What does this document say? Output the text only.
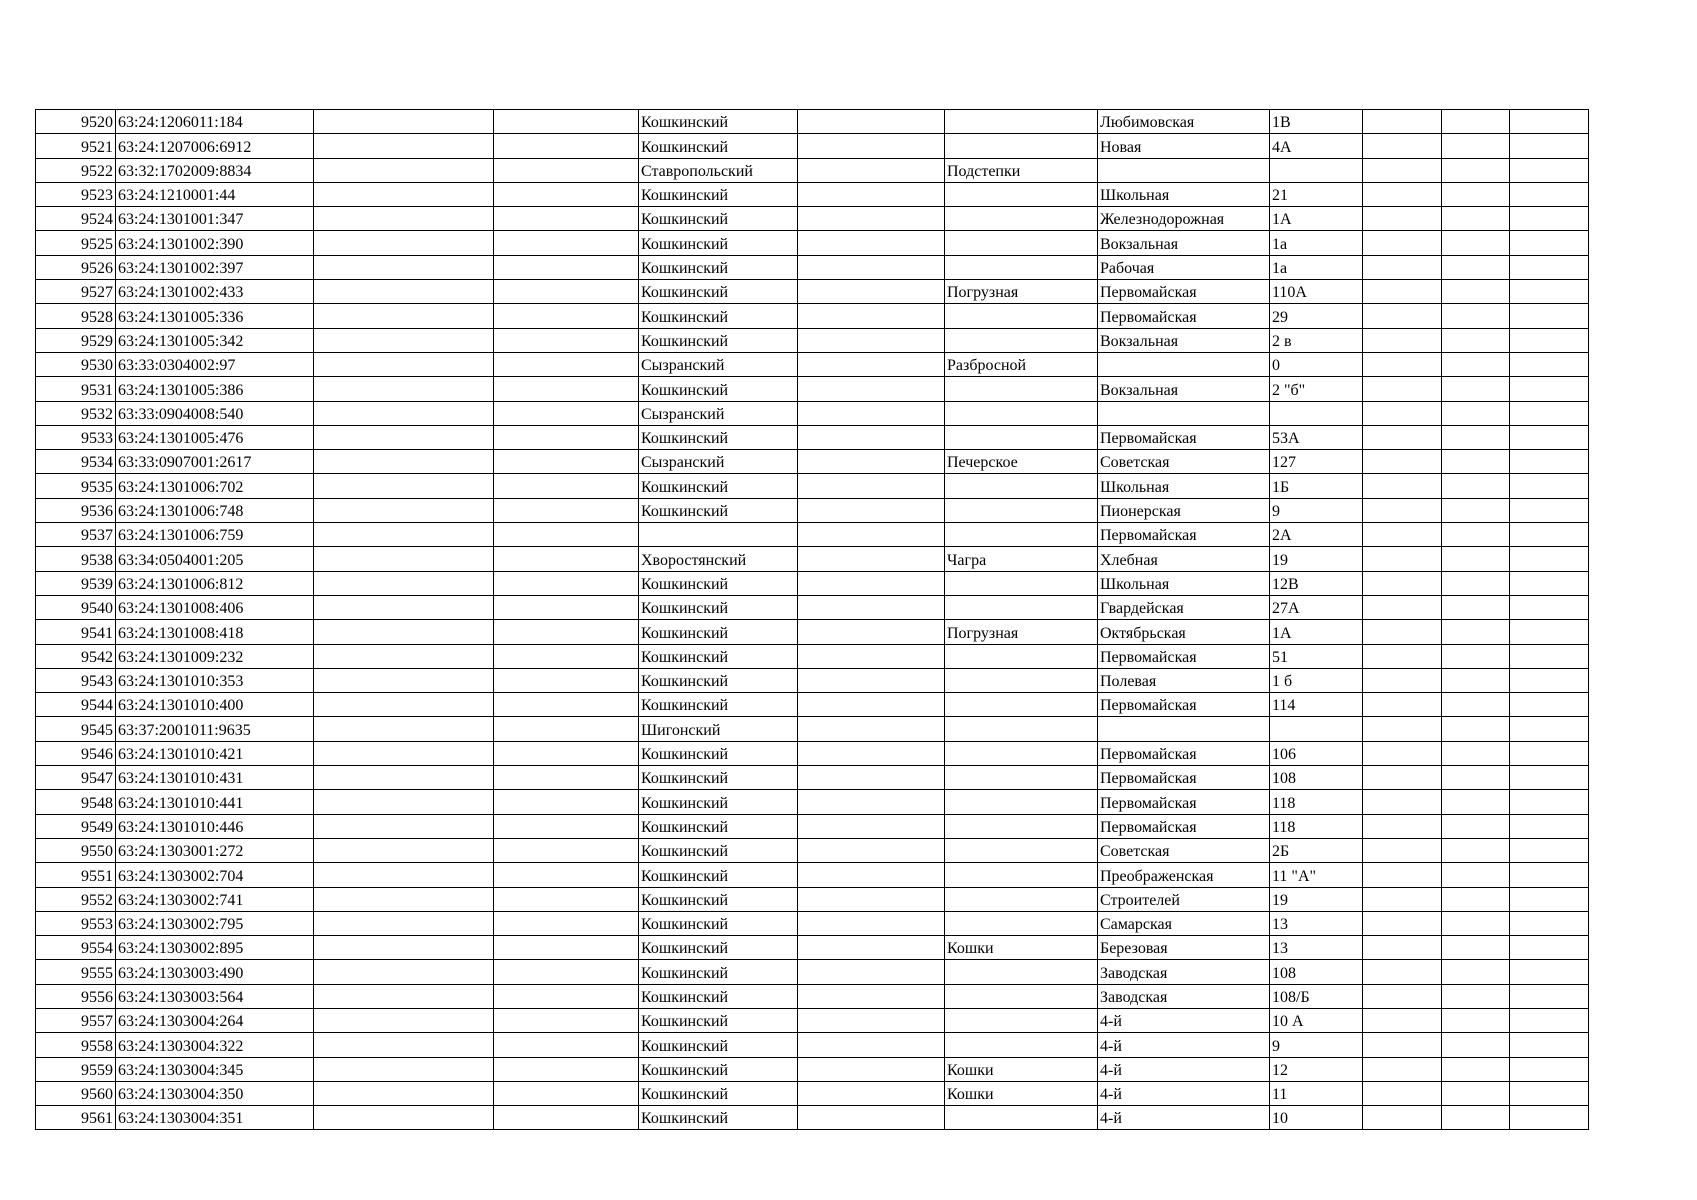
9520	63:24:1206011:184			Кошкинский			Любимовская	1В			
9521	63:24:1207006:6912			Кошкинский			Новая	4А			
9522	63:32:1702009:8834			Ставропольский		Подстепки					
9523	63:24:1210001:44			Кошкинский			Школьная	21			
9524	63:24:1301001:347			Кошкинский			Железнодорожная	1А			
9525	63:24:1301002:390			Кошкинский			Вокзальная	1а			
9526	63:24:1301002:397			Кошкинский			Рабочая	1а			
9527	63:24:1301002:433			Кошкинский		Погрузная	Первомайская	110А			
9528	63:24:1301005:336			Кошкинский			Первомайская	29			
9529	63:24:1301005:342			Кошкинский			Вокзальная	2 в			
9530	63:33:0304002:97			Сызранский		Разбросной		0			
9531	63:24:1301005:386			Кошкинский			Вокзальная	2 "б"			
9532	63:33:0904008:540			Сызранский							
9533	63:24:1301005:476			Кошкинский			Первомайская	53А			
9534	63:33:0907001:2617			Сызранский		Печерское	Советская	127			
9535	63:24:1301006:702			Кошкинский			Школьная	1Б			
9536	63:24:1301006:748			Кошкинский			Пионерская	9			
9537	63:24:1301006:759						Первомайская	2А			
9538	63:34:0504001:205			Хворостянский		Чагра	Хлебная	19			
9539	63:24:1301006:812			Кошкинский			Школьная	12В			
9540	63:24:1301008:406			Кошкинский			Гвардейская	27А			
9541	63:24:1301008:418			Кошкинский		Погрузная	Октябрьская	1А			
9542	63:24:1301009:232			Кошкинский			Первомайская	51			
9543	63:24:1301010:353			Кошкинский			Полевая	1 б			
9544	63:24:1301010:400			Кошкинский			Первомайская	114			
9545	63:37:2001011:9635			Шигонский							
9546	63:24:1301010:421			Кошкинский			Первомайская	106			
9547	63:24:1301010:431			Кошкинский			Первомайская	108			
9548	63:24:1301010:441			Кошкинский			Первомайская	118			
9549	63:24:1301010:446			Кошкинский			Первомайская	118			
9550	63:24:1303001:272			Кошкинский			Советская	2Б			
9551	63:24:1303002:704			Кошкинский			Преображенская	11 "А"			
9552	63:24:1303002:741			Кошкинский			Строителей	19			
9553	63:24:1303002:795			Кошкинский			Самарская	13			
9554	63:24:1303002:895			Кошкинский		Кошки	Березовая	13			
9555	63:24:1303003:490			Кошкинский			Заводская	108			
9556	63:24:1303003:564			Кошкинский			Заводская	108/Б			
9557	63:24:1303004:264			Кошкинский			4-й	10 А			
9558	63:24:1303004:322			Кошкинский			4-й	9			
9559	63:24:1303004:345			Кошкинский		Кошки	4-й	12			
9560	63:24:1303004:350			Кошкинский		Кошки	4-й	11			
9561	63:24:1303004:351			Кошкинский			4-й	10			
